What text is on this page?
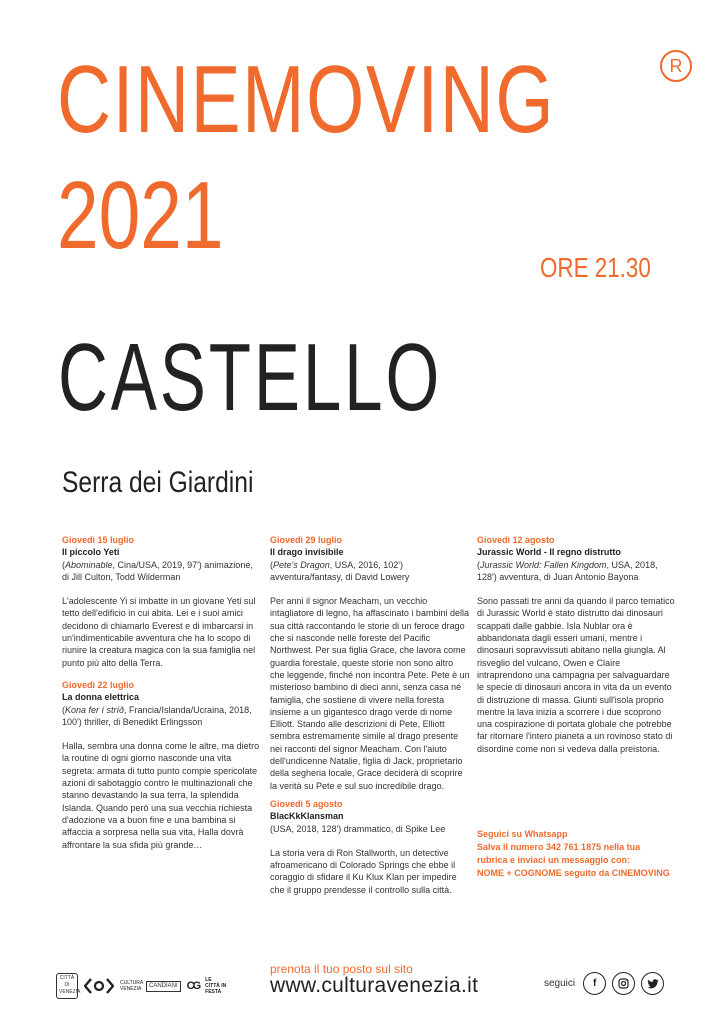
CINEMOVING	R
2021	ORE 21.30
CASTELLO
Serra dei Giardini

Giovedì 15 luglio

Il piccolo Yeti

(Abominable, Cina/USA, 2019, 97') animazione, di Jill Culton, Todd Wilderman

L'adolescente Yi si imbatte in un giovane Yeti sul tetto dell'edificio in cui abita. Lei e i suoi amici decidono di chiamarlo Everest e di imbarcarsi in un'indimenticabile avventura che ha lo scopo di riunire la creatura magica con la sua famiglia nel punto più alto della Terra.

Giovedì 22 luglio

La donna elettrica

(Kona fer í stríð, Francia/Islanda/Ucraina, 2018, 100') thriller, di Benedikt Erlingsson

Halla, sembra una donna come le altre, ma dietro la routine di ogni giorno nasconde una vita segreta: armata di tutto punto compie spericolate azioni di sabotaggio contro le multinazionali che stanno devastando la sua terra, la splendida Islanda. Quando però una sua vecchia richiesta d'adozione va a buon fine e una bambina si affaccia a sorpresa nella sua vita, Halla dovrà affrontare la sua sfida più grande…

Giovedì 29 luglio

Il drago invisibile

(Pete's Dragon, USA, 2016, 102') avventura/fantasy, di David Lowery

Per anni il signor Meacham, un vecchio intagliatore di legno, ha affascinato i bambini della sua città raccontando le storie di un feroce drago che si nasconde nelle foreste del Pacific Northwest. Per sua figlia Grace, che lavora come guardia forestale, queste storie non sono altro che leggende, finché non incontra Pete. Pete è un misterioso bambino di dieci anni, senza casa né famiglia, che sostiene di vivere nella foresta insieme a un gigantesco drago verde di nome Elliott. Stando alle descrizioni di Pete, Elliott sembra estremamente simile al drago presente nei racconti del signor Meacham. Con l'aiuto dell'undicenne Natalie, figlia di Jack, proprietario della segheria locale, Grace deciderà di scoprire la verità su Pete e sul suo incredibile drago.

Giovedì 5 agosto

BlacKkKlansman

(USA, 2018, 128') drammatico, di Spike Lee

La storia vera di Ron Stallworth, un detective afroamericano di Colorado Springs che ebbe il coraggio di sfidare il Ku Klux Klan per impedire che il gruppo prendesse il controllo sulla città.

Giovedì 12 agosto

Jurassic World - Il regno distrutto

(Jurassic World: Fallen Kingdom, USA, 2018, 128') avventura, di Juan Antonio Bayona

Sono passati tre anni da quando il parco tematico di Jurassic World è stato distrutto dai dinosauri scappati dalle gabbie. Isla Nublar ora è abbandonata dagli esseri umani, mentre i dinosauri sopravvissuti abitano nella giungla. Al risveglio del vulcano, Owen e Claire intraprendono una campagna per salvaguardare le specie di dinosauri ancora in vita da un evento di distruzione di massa. Giunti sull'isola proprio mentre la lava inizia a scorrere i due scoprono una cospirazione di portata globale che potrebbe far ritornare l'intero pianeta a un rovinoso stato di disordine come non si vedeva dalla preistoria.

Seguici su Whatsapp
Salva il numero 342 761 1875 nella tua
rubrica e inviaci un messaggio con:
NOME + COGNOME seguito da CINEMOVING
CITTÀ DI VENEZIA
CULTURA VENEZIA
CANDIANI CG LE CITTÀ IN FESTA
prenota il tuo posto sul sito
www.culturavenezia.it	seguici	f
